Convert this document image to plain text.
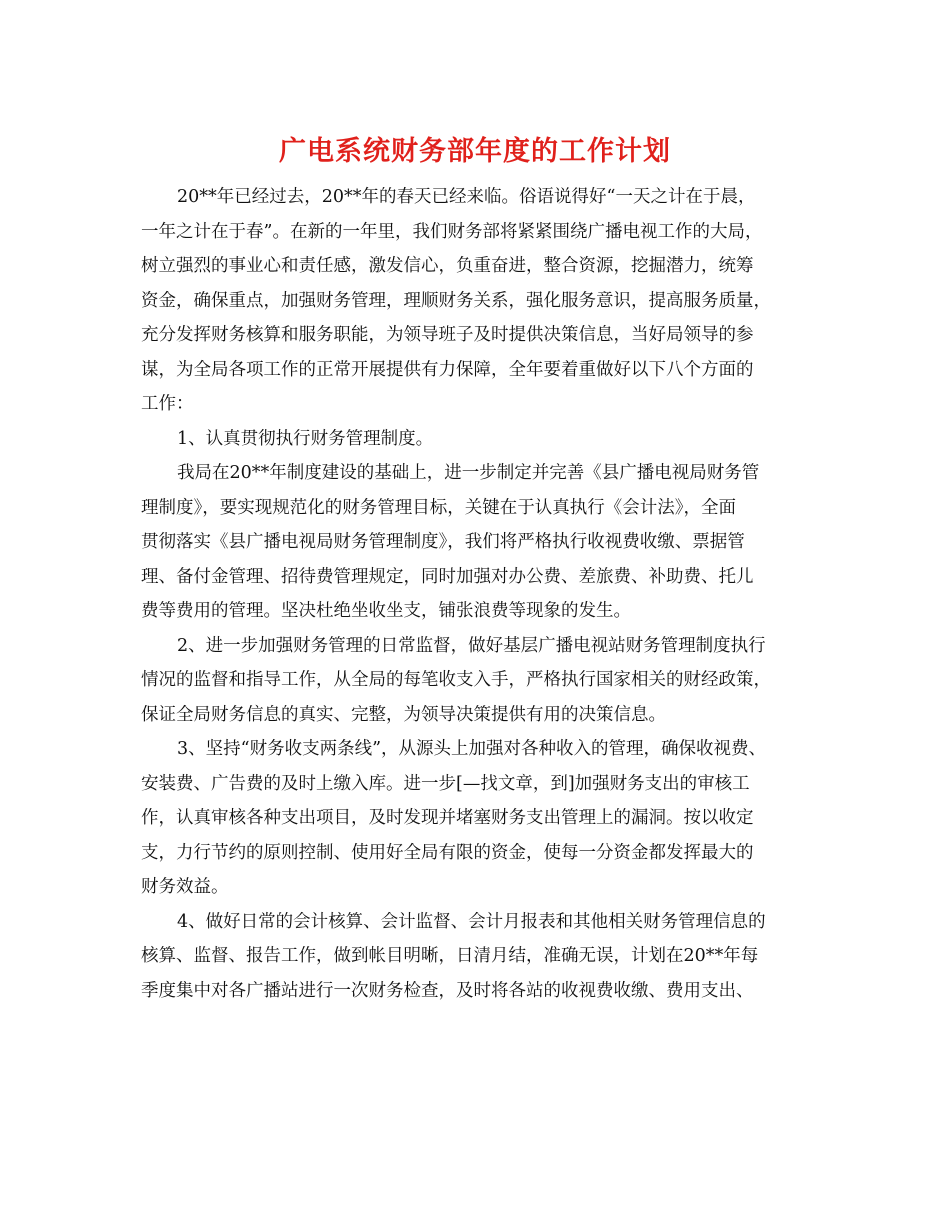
广电系统财务部年度的工作计划
20**年已经过去，20**年的春天已经来临。俗语说得好“一天之计在于晨，
一年之计在于春”。在新的一年里，我们财务部将紧紧围绕广播电视工作的大局，
树立强烈的事业心和责任感，激发信心，负重奋进，整合资源，挖掘潜力，统筹
资金，确保重点，加强财务管理，理顺财务关系，强化服务意识，提高服务质量，
充分发挥财务核算和服务职能，为领导班子及时提供决策信息，当好局领导的参
谋，为全局各项工作的正常开展提供有力保障，全年要着重做好以下八个方面的
工作：
1、认真贯彻执行财务管理制度。
我局在20**年制度建设的基础上，进一步制定并完善《县广播电视局财务管
理制度》，要实现规范化的财务管理目标，关键在于认真执行《会计法》，全面
贯彻落实《县广播电视局财务管理制度》，我们将严格执行收视费收缴、票据管
理、备付金管理、招待费管理规定，同时加强对办公费、差旅费、补助费、托儿
费等费用的管理。坚决杜绝坐收坐支，铺张浪费等现象的发生。
2、进一步加强财务管理的日常监督，做好基层广播电视站财务管理制度执行
情况的监督和指导工作，从全局的每笔收支入手，严格执行国家相关的财经政策，
保证全局财务信息的真实、完整，为领导决策提供有用的决策信息。
3、坚持“财务收支两条线”，从源头上加强对各种收入的管理，确保收视费、
安装费、广告费的及时上缴入库。进一步[—找文章，到]加强财务支出的审核工
作，认真审核各种支出项目，及时发现并堵塞财务支出管理上的漏洞。按以收定
支，力行节约的原则控制、使用好全局有限的资金，使每一分资金都发挥最大的
财务效益。
4、做好日常的会计核算、会计监督、会计月报表和其他相关财务管理信息的
核算、监督、报告工作，做到帐目明晰，日清月结，准确无误，计划在20**年每
季度集中对各广播站进行一次财务检查，及时将各站的收视费收缴、费用支出、
